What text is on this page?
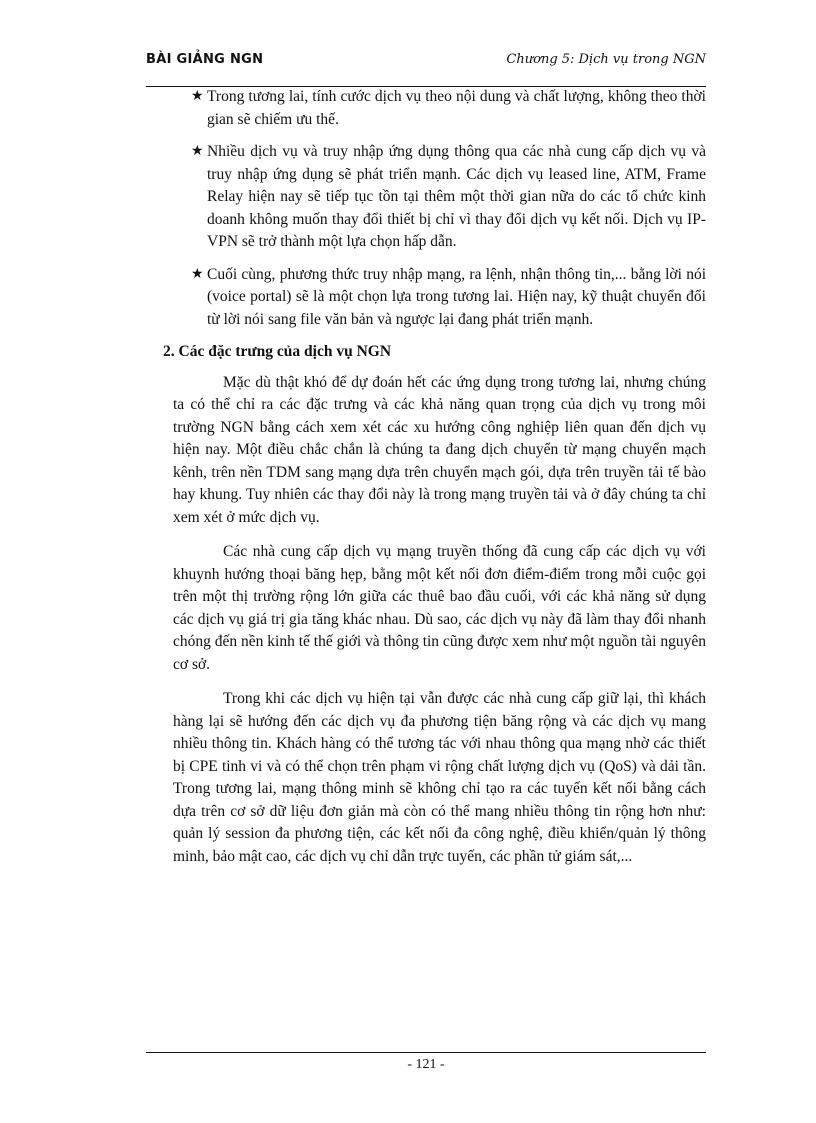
BÀI GIẢNG NGN	Chương 5: Dịch vụ trong NGN
★ Trong tương lai, tính cước dịch vụ theo nội dung và chất lượng, không theo thời gian sẽ chiếm ưu thế.
★ Nhiều dịch vụ và truy nhập ứng dụng thông qua các nhà cung cấp dịch vụ và truy nhập ứng dụng sẽ phát triển mạnh. Các dịch vụ leased line, ATM, Frame Relay hiện nay sẽ tiếp tục tồn tại thêm một thời gian nữa do các tổ chức kinh doanh không muốn thay đổi thiết bị chỉ vì thay đổi dịch vụ kết nối. Dịch vụ IP-VPN sẽ trở thành một lựa chọn hấp dẫn.
★ Cuối cùng, phương thức truy nhập mạng, ra lệnh, nhận thông tin,... bằng lời nói (voice portal) sẽ là một chọn lựa trong tương lai. Hiện nay, kỹ thuật chuyển đổi từ lời nói sang file văn bản và ngược lại đang phát triển mạnh.
2. Các đặc trưng của dịch vụ NGN

Mặc dù thật khó để dự đoán hết các ứng dụng trong tương lai, nhưng chúng ta có thể chỉ ra các đặc trưng và các khả năng quan trọng của dịch vụ trong môi trường NGN bằng cách xem xét các xu hướng công nghiệp liên quan đến dịch vụ hiện nay. Một điều chắc chắn là chúng ta đang dịch chuyển từ mạng chuyển mạch kênh, trên nền TDM sang mạng dựa trên chuyển mạch gói, dựa trên truyền tải tế bào hay khung. Tuy nhiên các thay đổi này là trong mạng truyền tải và ở đây chúng ta chỉ xem xét ở mức dịch vụ.

Các nhà cung cấp dịch vụ mạng truyền thống đã cung cấp các dịch vụ với khuynh hướng thoại băng hẹp, bằng một kết nối đơn điểm-điểm trong mỗi cuộc gọi trên một thị trường rộng lớn giữa các thuê bao đầu cuối, với các khả năng sử dụng các dịch vụ giá trị gia tăng khác nhau. Dù sao, các dịch vụ này đã làm thay đổi nhanh chóng đến nền kinh tế thế giới và thông tin cũng được xem như một nguồn tài nguyên cơ sở.

Trong khi các dịch vụ hiện tại vẫn được các nhà cung cấp giữ lại, thì khách hàng lại sẽ hướng đến các dịch vụ đa phương tiện băng rộng và các dịch vụ mang nhiều thông tin. Khách hàng có thể tương tác với nhau thông qua mạng nhờ các thiết bị CPE tinh vi và có thể chọn trên phạm vi rộng chất lượng dịch vụ (QoS) và dải tần. Trong tương lai, mạng thông minh sẽ không chỉ tạo ra các tuyến kết nối bằng cách dựa trên cơ sở dữ liệu đơn giản mà còn có thể mang nhiều thông tin rộng hơn như: quản lý session đa phương tiện, các kết nối đa công nghệ, điều khiển/quản lý thông minh, bảo mật cao, các dịch vụ chỉ dẫn trực tuyến, các phần tử giám sát,...

- 121 -
